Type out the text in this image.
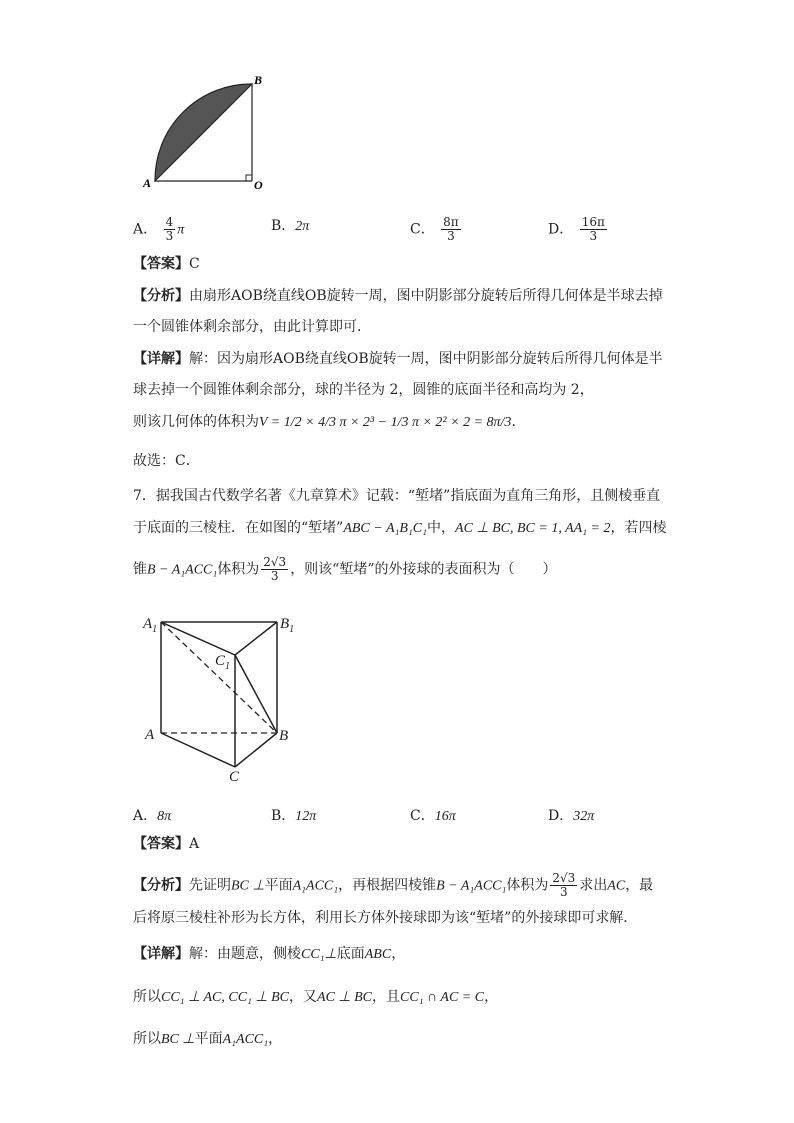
B
A	O
A． $\frac{4}{3}$ π	B．2π	C． $\frac{8\pi}{3}$	D． $\frac{16\pi}{3}$
【答案】C
【分析】由扇形AOB绕直线OB旋转一周，图中阴影部分旋转后所得几何体是半球去掉
一个圆锥体剩余部分，由此计算即可．
【详解】解：因为扇形AOB绕直线OB旋转一周，图中阴影部分旋转后所得几何体是半
球去掉一个圆锥体剩余部分，球的半径为 2，圆锥的底面半径和高均为 2，
则该几何体的体积为V = 1/2 × 4/3 π × 2³ − 1/3 π × 2² × 2 = 8π/3．
故选：C．
7．据我国古代数学名著《九章算术》记载：“堑堵”指底面为直角三角形，且侧棱垂直
于底面的三棱柱．在如图的“堑堵”ABC − A₁B₁C₁中，AC ⊥ BC, BC = 1, AA₁ = 2，若四棱
锥B − A₁ACC₁体积为 $\frac{2√3}{3}$ ，则该“堑堵”的外接球的表面积为（　　）
$A_1$	$B_1$
$C_1$
A	B
C
A．8π	B．12π	C．16π	D．32π
【答案】A
【分析】先证明BC ⊥平面A₁ACC₁，再根据四棱锥B − A₁ACC₁体积为 $\frac{2√3}{3}$ 求出AC，最
后将原三棱柱补形为长方体，利用长方体外接球即为该“堑堵”的外接球即可求解．
【详解】解：由题意，侧棱CC₁⊥底面ABC，
所以CC₁ ⊥ AC, CC₁ ⊥ BC，又AC ⊥ BC，且CC₁ ∩ AC = C，
所以BC ⊥平面A₁ACC₁，
